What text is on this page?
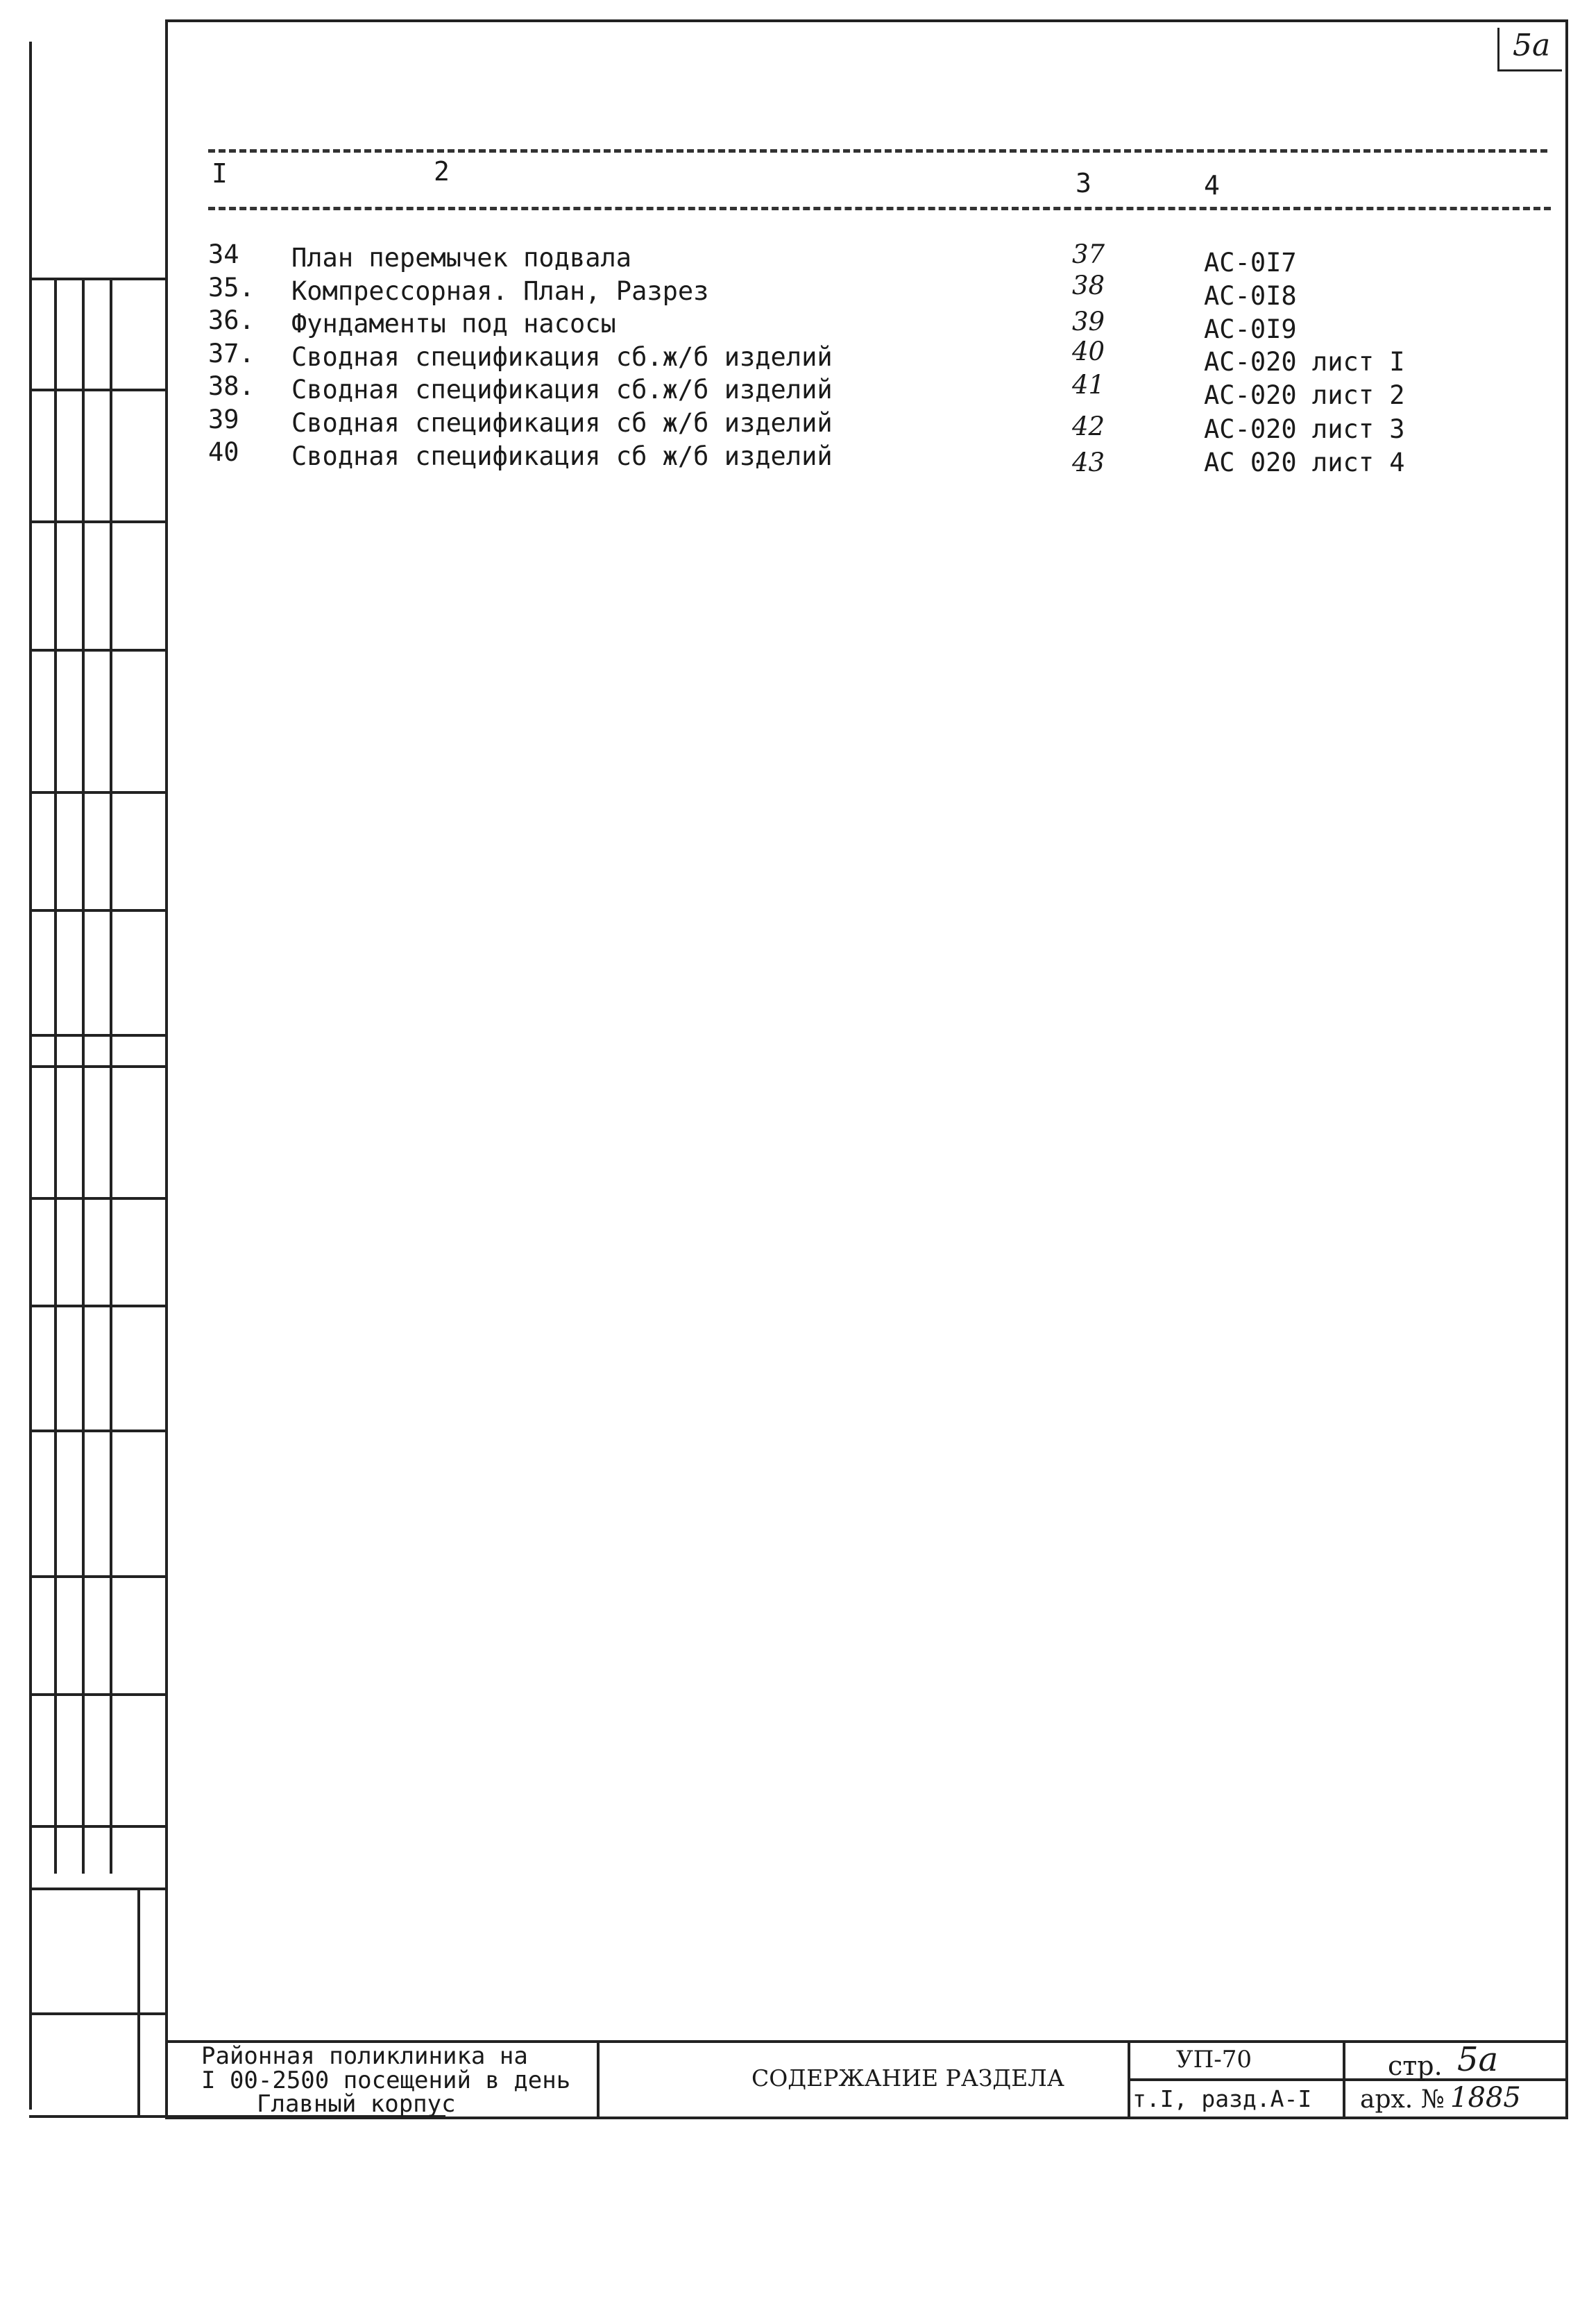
5а
I	2	3	4
34 План перемычек подвала	37	АС-0I7
35. Компрессорная. План, Разрез	38	АС-0I8
36. Фундаменты под насосы	39	АС-0I9
37. Сводная спецификация сб.ж/б изделий	40	АС-020 лист I
38. Сводная спецификация сб.ж/б изделий	41	АС-020 лист 2
39 Сводная спецификация сб ж/б изделий	42	АС-020 лист 3
40 Сводная спецификация сб ж/б изделий	43	АС 020 лист 4
Районная поликлиника на
I 00-2500 посещений в день
Главный корпус
СОДЕРЖАНИЕ РАЗДЕЛА
УП-70
т.I, разд.А-I
стр. 5а
арх. № 1885
